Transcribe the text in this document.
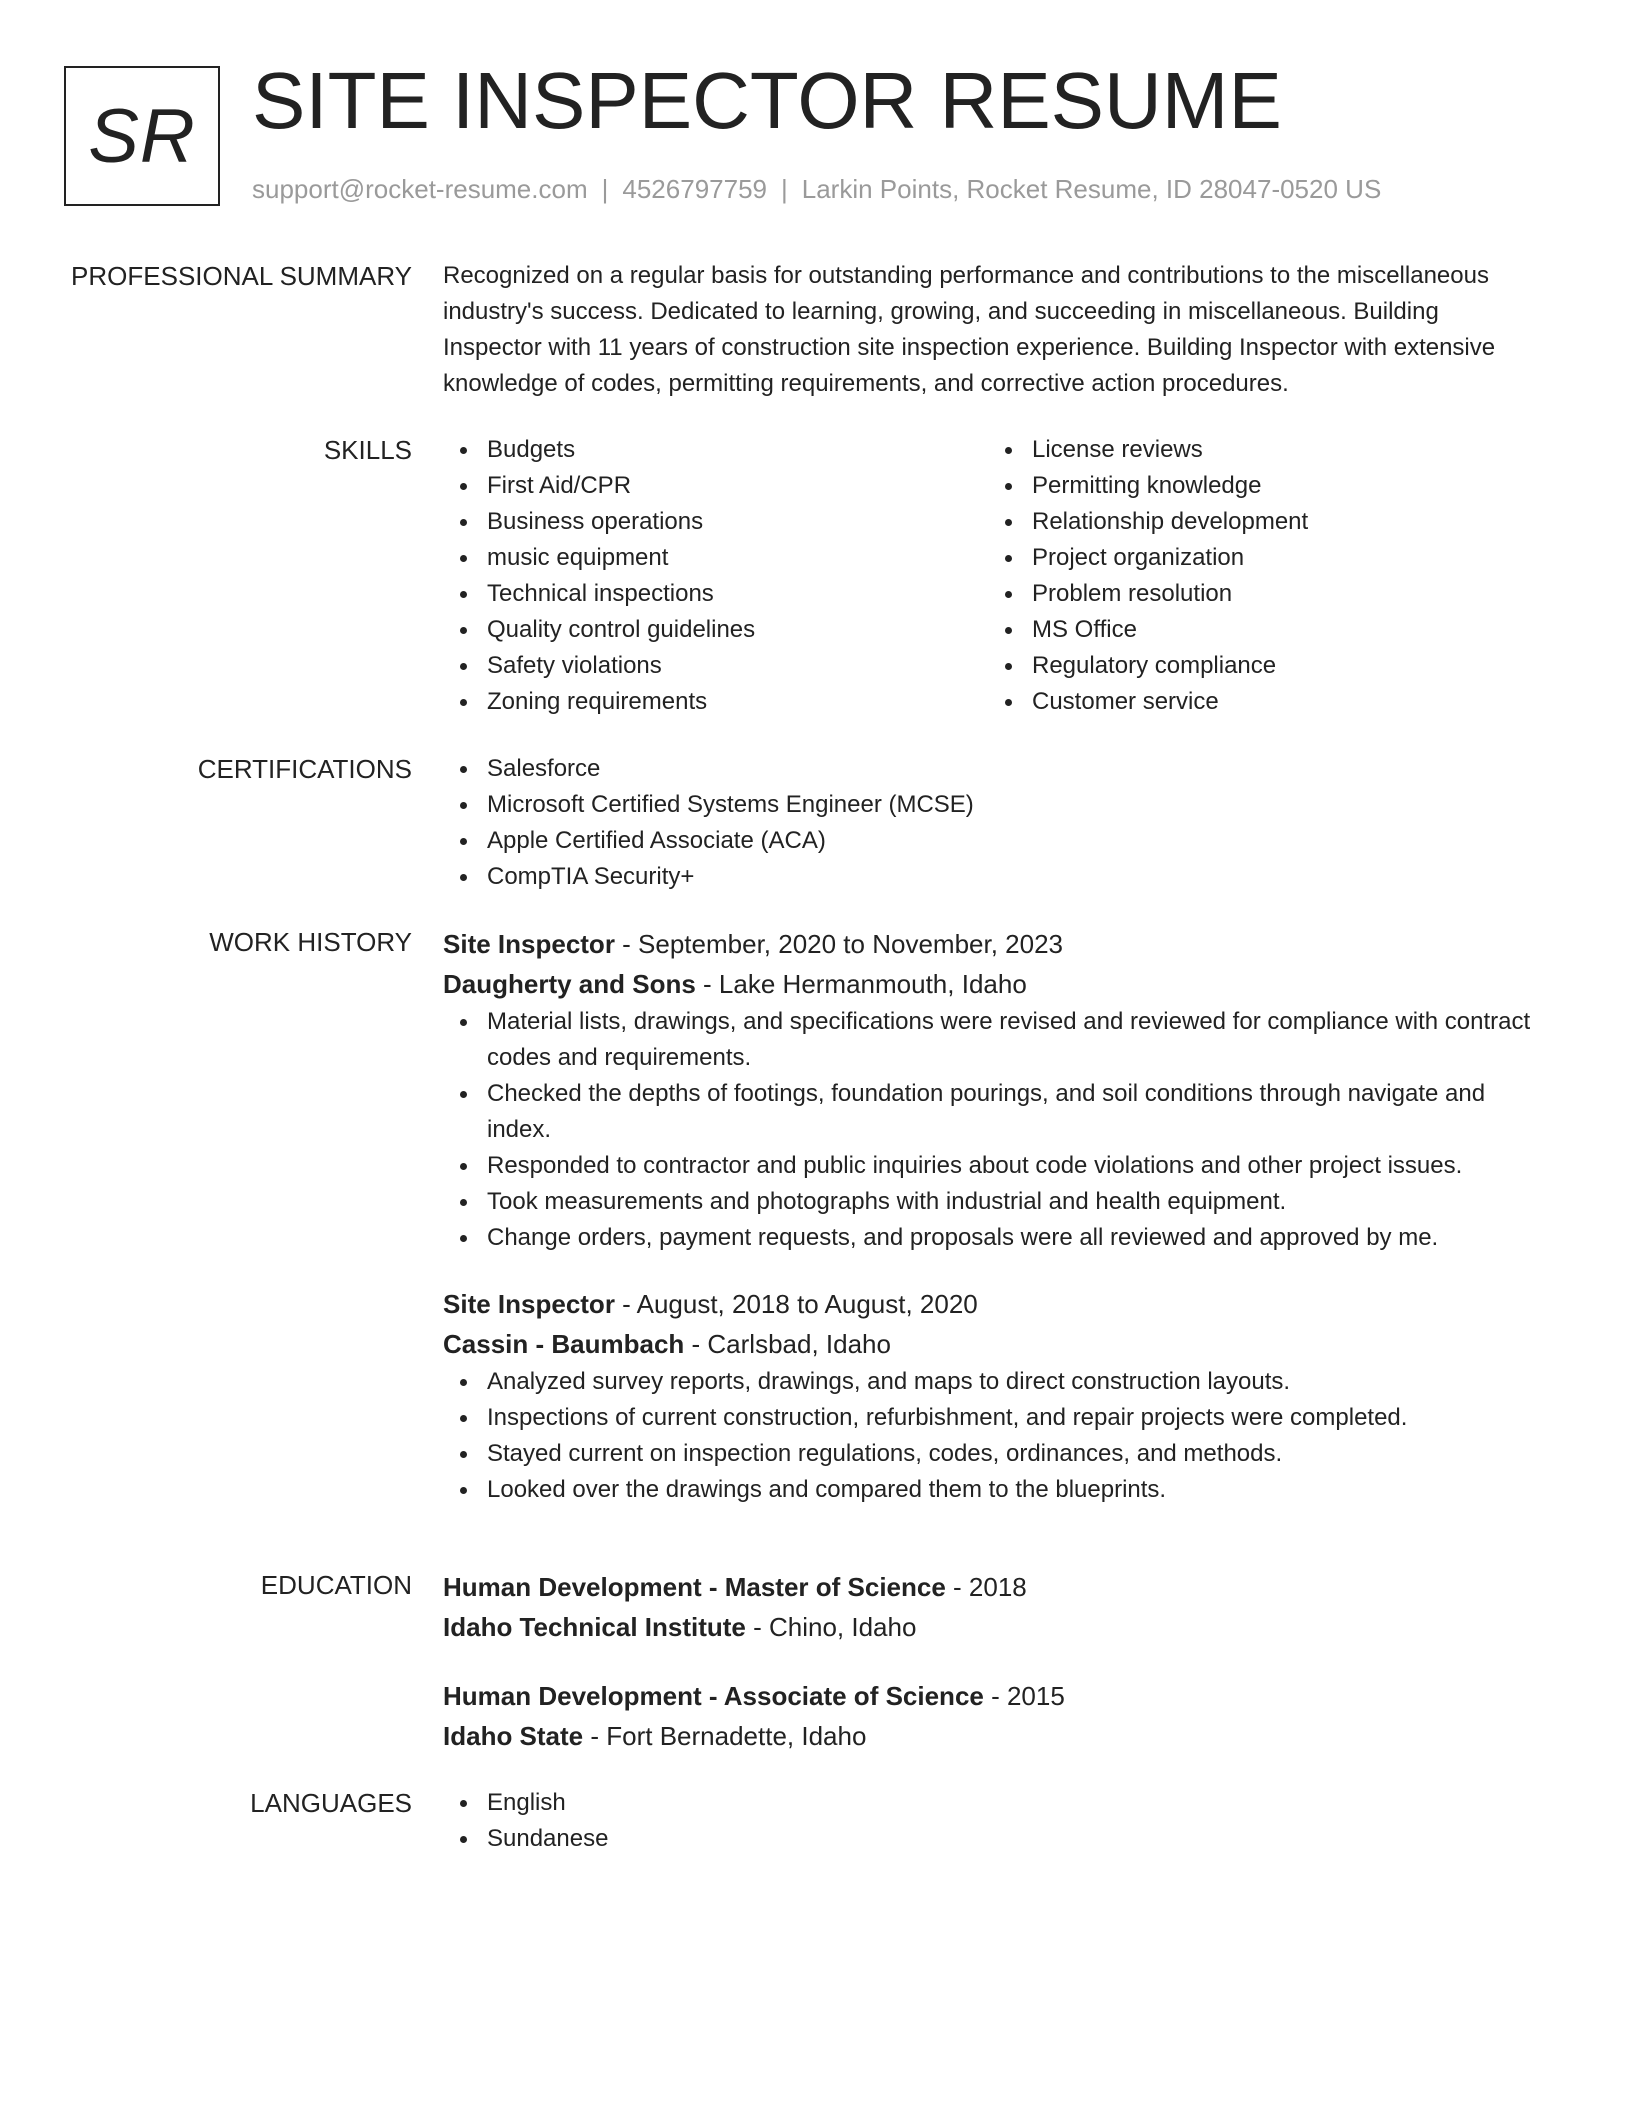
SR SITE INSPECTOR RESUME
support@rocket-resume.com | 4526797759 | Larkin Points, Rocket Resume, ID 28047-0520 US
PROFESSIONAL SUMMARY Recognized on a regular basis for outstanding performance and contributions to the miscellaneous industry's success. Dedicated to learning, growing, and succeeding in miscellaneous. Building Inspector with 11 years of construction site inspection experience. Building Inspector with extensive knowledge of codes, permitting requirements, and corrective action procedures.

SKILLS	Budgets
First Aid/CPR
Business operations
music equipment
Technical inspections
Quality control guidelines
Safety violations
Zoning requirements
License reviews
Permitting knowledge
Relationship development
Project organization
Problem resolution
MS Office
Regulatory compliance
Customer service
CERTIFICATIONS	Salesforce
Microsoft Certified Systems Engineer (MCSE)
Apple Certified Associate (ACA)
CompTIA Security+
WORK HISTORY Site Inspector - September, 2020 to November, 2023
Daugherty and Sons - Lake Hermanmouth, Idaho
Material lists, drawings, and specifications were revised and reviewed for compliance with contract codes and requirements.
Checked the depths of footings, foundation pourings, and soil conditions through navigate and index.
Responded to contractor and public inquiries about code violations and other project issues.
Took measurements and photographs with industrial and health equipment.
Change orders, payment requests, and proposals were all reviewed and approved by me.
Site Inspector - August, 2018 to August, 2020
Cassin - Baumbach - Carlsbad, Idaho
Analyzed survey reports, drawings, and maps to direct construction layouts.
Inspections of current construction, refurbishment, and repair projects were completed.
Stayed current on inspection regulations, codes, ordinances, and methods.
Looked over the drawings and compared them to the blueprints.
EDUCATION Human Development - Master of Science - 2018
Idaho Technical Institute - Chino, Idaho
Human Development - Associate of Science - 2015
Idaho State - Fort Bernadette, Idaho
LANGUAGES	English
Sundanese
